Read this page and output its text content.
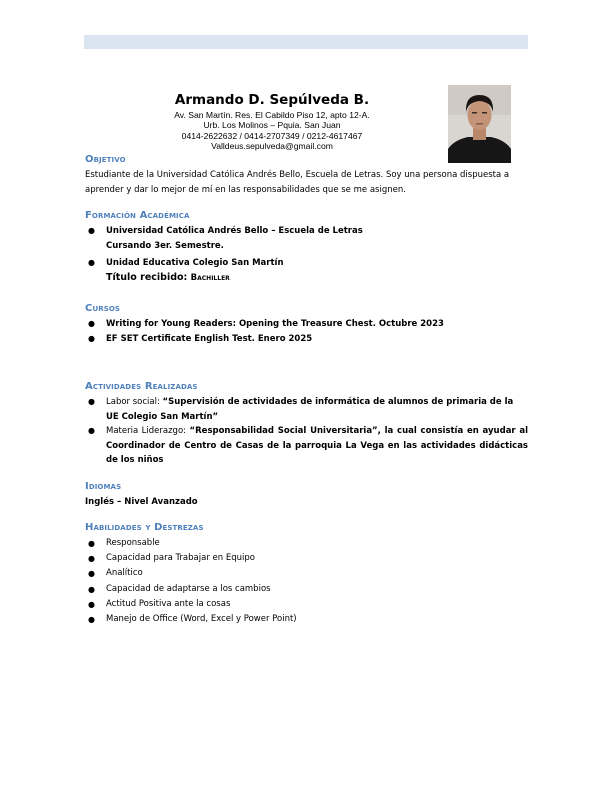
Armando D. Sepúlveda B.
Av. San Martín. Res. El Cabildo Piso 12, apto 12-A.
Urb. Los Molinos – Pquia. San Juan
0414-2622632 / 0414-2707349 / 0212-4617467
Valldeus.sepulveda@gmail.com
Objetivo
Estudiante de la Universidad Católica Andrés Bello, Escuela de Letras. Soy una persona dispuesta a aprender y dar lo mejor de mí en las responsabilidades que se me asignen.
Formación Académica
● Universidad Católica Andrés Bello – Escuela de Letras
Cursando 3er. Semestre.
● Unidad Educativa Colegio San Martín
Título recibido: Bachiller
Cursos
● Writing for Young Readers: Opening the Treasure Chest. Octubre 2023
● EF SET Certificate English Test. Enero 2025
Actividades Realizadas
● Labor social: “Supervisión de actividades de informática de alumnos de primaria de la UE Colegio San Martín”
● Materia Liderazgo: “Responsabilidad Social Universitaria”, la cual consistía en ayudar al Coordinador de Centro de Casas de la parroquia La Vega en las actividades didácticas de los niños
Idiomas
Inglés – Nivel Avanzado
Habilidades y Destrezas
● Responsable
● Capacidad para Trabajar en Equipo
● Analítico
● Capacidad de adaptarse a los cambios
● Actitud Positiva ante la cosas
● Manejo de Office (Word, Excel y Power Point)
